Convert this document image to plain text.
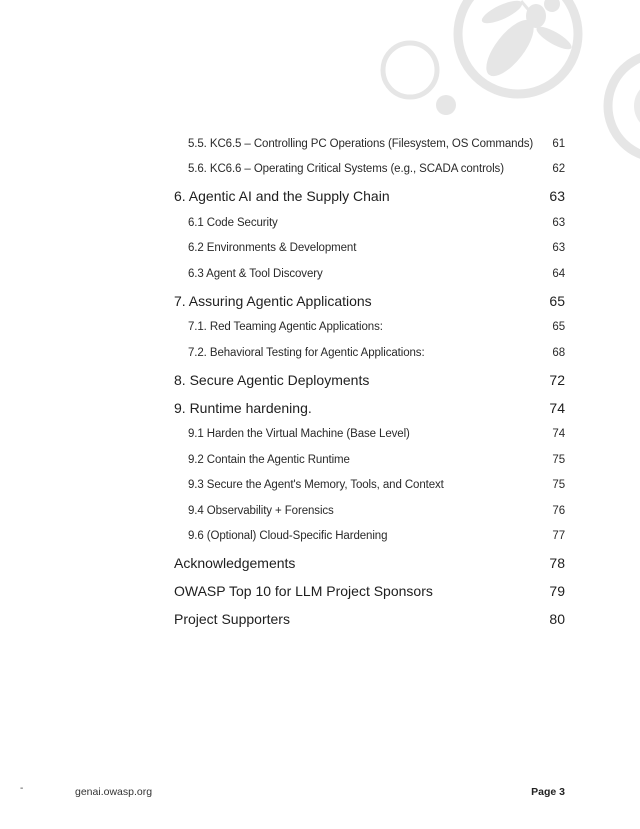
5.5. KC6.5 – Controlling PC Operations (Filesystem, OS Commands) 61
5.6. KC6.6 – Operating Critical Systems (e.g., SCADA controls)	62
6. Agentic AI and the Supply Chain	63
6.1 Code Security	63
6.2 Environments & Development	63
6.3 Agent & Tool Discovery	64
7. Assuring Agentic Applications	65
7.1. Red Teaming Agentic Applications:	65
7.2. Behavioral Testing for Agentic Applications:	68
8. Secure Agentic Deployments	72
9. Runtime hardening.	74
9.1 Harden the Virtual Machine (Base Level)	74
9.2 Contain the Agentic Runtime	75
9.3 Secure the Agent's Memory, Tools, and Context	75
9.4 Observability + Forensics	76
9.6 (Optional) Cloud-Specific Hardening	77
Acknowledgements	78
OWASP Top 10 for LLM Project Sponsors	79
Project Supporters	80
-	genai.owasp.org	Page 3
